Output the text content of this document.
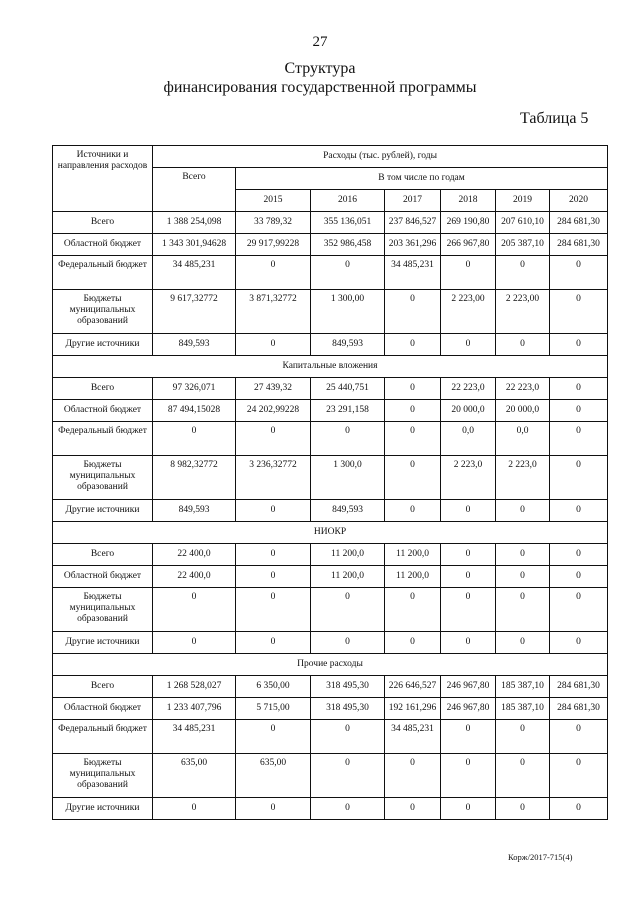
27
Структура
финансирования государственной программы
Таблица 5
Источники и направления расходов	Расходы (тыс. рублей), годы						
	Всего	В том числе по годам					
		2015	2016	2017	2018	2019	2020
Всего	1 388 254,098	33 789,32	355 136,051	237 846,527	269 190,80	207 610,10	284 681,30
Областной бюджет	1 343 301,94628	29 917,99228	352 986,458	203 361,296	266 967,80	205 387,10	284 681,30
Федеральный бюджет	34 485,231	0	0	34 485,231	0	0	0
Бюджеты муниципальных образований	9 617,32772	3 871,32772	1 300,00	0	2 223,00	2 223,00	0
Другие источники	849,593	0	849,593	0	0	0	0
Капитальные вложения							
Всего	97 326,071	27 439,32	25 440,751	0	22 223,0	22 223,0	0
Областной бюджет	87 494,15028	24 202,99228	23 291,158	0	20 000,0	20 000,0	0
Федеральный бюджет	0	0	0	0	0,0	0,0	0
Бюджеты муниципальных образований	8 982,32772	3 236,32772	1 300,0	0	2 223,0	2 223,0	0
Другие источники	849,593	0	849,593	0	0	0	0
НИОКР							
Всего	22 400,0	0	11 200,0	11 200,0	0	0	0
Областной бюджет	22 400,0	0	11 200,0	11 200,0	0	0	0
Бюджеты муниципальных образований	0	0	0	0	0	0	0
Другие источники	0	0	0	0	0	0	0
Прочие расходы							
Всего	1 268 528,027	6 350,00	318 495,30	226 646,527	246 967,80	185 387,10	284 681,30
Областной бюджет	1 233 407,796	5 715,00	318 495,30	192 161,296	246 967,80	185 387,10	284 681,30
Федеральный бюджет	34 485,231	0	0	34 485,231	0	0	0
Бюджеты муниципальных образований	635,00	635,00	0	0	0	0	0
Другие источники	0	0	0	0	0	0	0
Корж/2017-715(4)
